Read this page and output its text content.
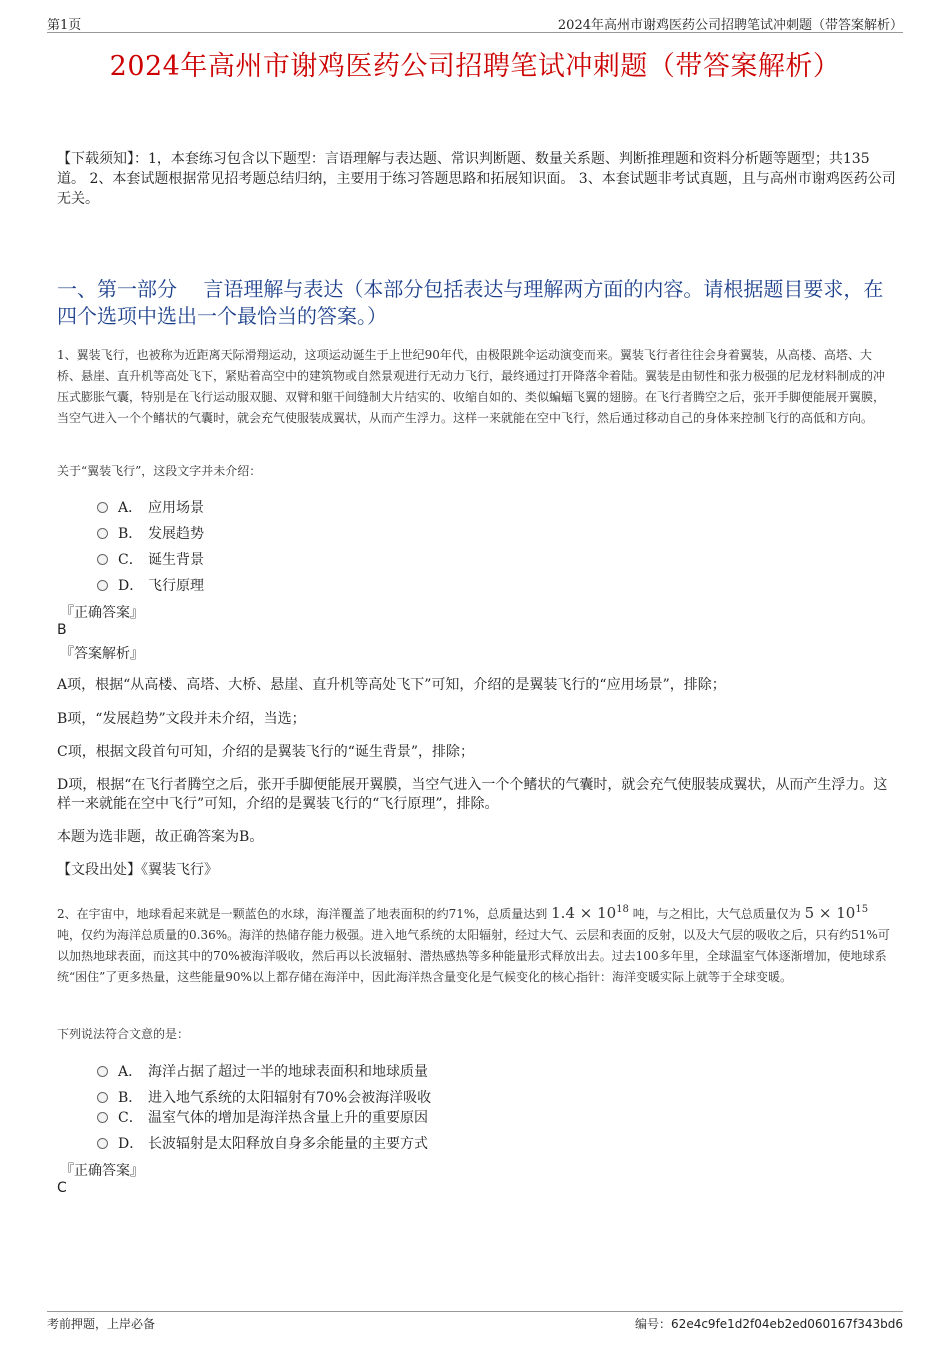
第1页	2024年高州市谢鸡医药公司招聘笔试冲刺题（带答案解析）
2024年高州市谢鸡医药公司招聘笔试冲刺题（带答案解析）
【下载须知】：1，本套练习包含以下题型：言语理解与表达题、常识判断题、数量关系题、判断推理题和资料分析题等题型；共135道。 2、本套试题根据常见招考题总结归纳，主要用于练习答题思路和拓展知识面。 3、本套试题非考试真题，且与高州市谢鸡医药公司无关。
一、第一部分　 言语理解与表达（本部分包括表达与理解两方面的内容。请根据题目要求，在四个选项中选出一个最恰当的答案。）
1、翼装飞行，也被称为近距离天际滑翔运动，这项运动诞生于上世纪90年代，由极限跳伞运动演变而来。翼装飞行者往往会身着翼装，从高楼、高塔、大桥、悬崖、直升机等高处飞下，紧贴着高空中的建筑物或自然景观进行无动力飞行，最终通过打开降落伞着陆。翼装是由韧性和张力极强的尼龙材料制成的冲压式膨胀气囊，特别是在飞行运动服双腿、双臂和躯干间缝制大片结实的、收缩自如的、类似蝙蝠飞翼的翅膀。在飞行者腾空之后，张开手脚便能展开翼膜，当空气进入一个个鳍状的气囊时，就会充气使服装成翼状，从而产生浮力。这样一来就能在空中飞行，然后通过移动自己的身体来控制飞行的高低和方向。
关于“翼装飞行”，这段文字并未介绍：
A． 应用场景
B． 发展趋势
C． 诞生背景
D． 飞行原理
『正确答案』
B
『答案解析』
A项，根据“从高楼、高塔、大桥、悬崖、直升机等高处飞下”可知，介绍的是翼装飞行的“应用场景”，排除；
B项，“发展趋势”文段并未介绍，当选；
C项，根据文段首句可知，介绍的是翼装飞行的“诞生背景”，排除；
D项，根据“在飞行者腾空之后，张开手脚便能展开翼膜，当空气进入一个个鳍状的气囊时，就会充气使服装成翼状，从而产生浮力。这样一来就能在空中飞行”可知，介绍的是翼装飞行的“飞行原理”，排除。
本题为选非题，故正确答案为B。
【文段出处】《翼装飞行》
2、在宇宙中，地球看起来就是一颗蓝色的水球，海洋覆盖了地表面积的约71%，总质量达到 $1.4 \times 10^{18}$ 吨，与之相比，大气总质量仅为 $5 \times 10^{15}$ 吨，仅约为海洋总质量的0.36%。海洋的热储存能力极强。进入地气系统的太阳辐射，经过大气、云层和表面的反射，以及大气层的吸收之后，只有约51%可以加热地球表面，而这其中的70%被海洋吸收，然后再以长波辐射、潜热感热等多种能量形式释放出去。过去100多年里，全球温室气体逐渐增加，使地球系统“困住”了更多热量，这些能量90%以上都存储在海洋中，因此海洋热含量变化是气候变化的核心指针：海洋变暖实际上就等于全球变暖。
下列说法符合文意的是：
A． 海洋占据了超过一半的地球表面积和地球质量
B． 进入地气系统的太阳辐射有70%会被海洋吸收
C． 温室气体的增加是海洋热含量上升的重要原因
D． 长波辐射是太阳释放自身多余能量的主要方式
『正确答案』
C
考前押题，上岸必备	编号：62e4c9fe1d2f04eb2ed060167f343bd6
